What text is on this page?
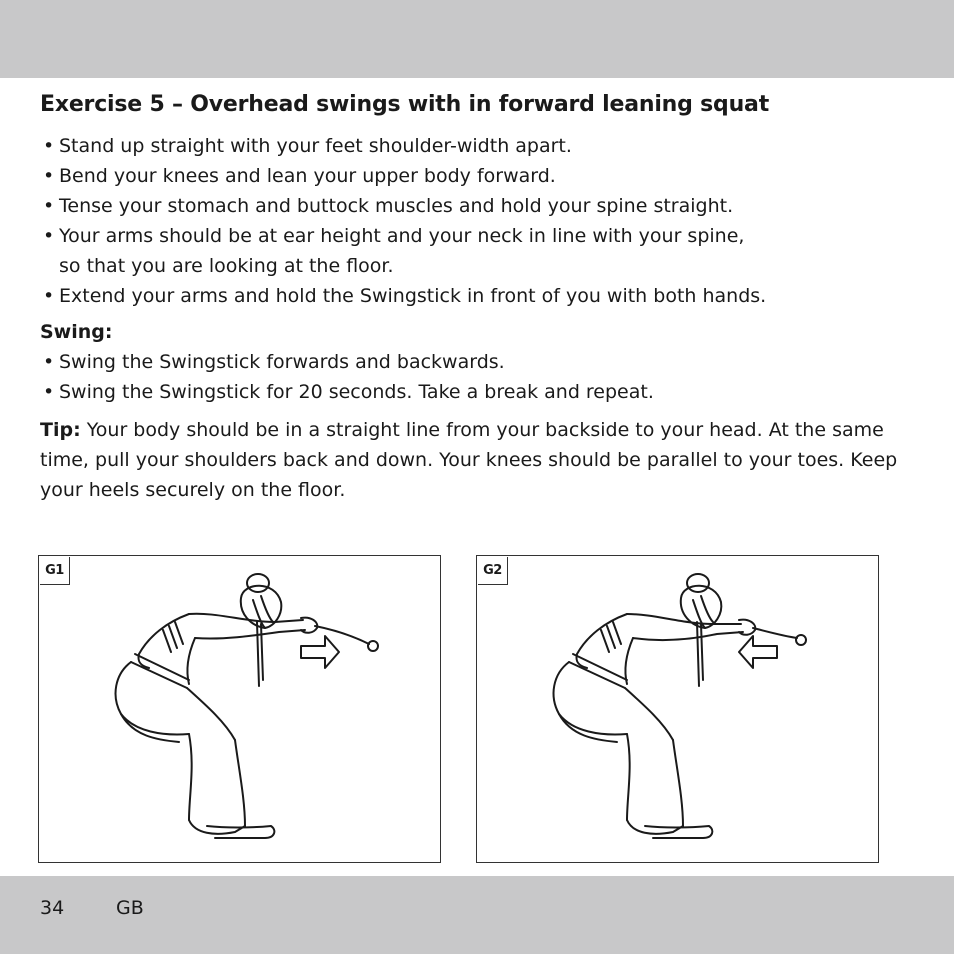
Exercise 5 – Overhead swings with in forward leaning squat
• Stand up straight with your feet shoulder-width apart.
• Bend your knees and lean your upper body forward.
• Tense your stomach and buttock muscles and hold your spine straight.
• Your arms should be at ear height and your neck in line with your spine,
so that you are looking at the floor.
• Extend your arms and hold the Swingstick in front of you with both hands.
Swing:
• Swing the Swingstick forwards and backwards.
• Swing the Swingstick for 20 seconds. Take a break and repeat.

Tip: Your body should be in a straight line from your backside to your head. At the same time, pull your shoulders back and down. Your knees should be parallel to your toes. Keep your heels securely on the floor.

G1	G2
34	GB
